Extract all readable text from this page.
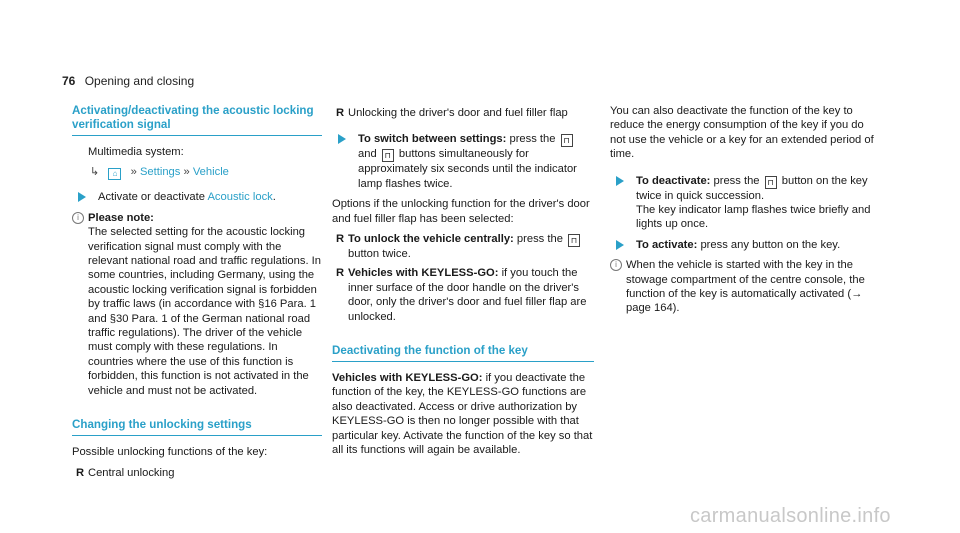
76 Opening and closing
Activating/deactivating the acoustic locking verification signal

Multimedia system:

↳ ⌂ » Settings » Vehicle
Activate or deactivate Acoustic lock.
i Please note:
The selected setting for the acoustic locking verification signal must comply with the relevant national road and traffic regulations. In some countries, including Germany, using the acoustic locking verification signal is forbidden by traffic laws (in accordance with §16 Para. 1 and §30 Para. 1 of the German national road traffic regulations). The driver of the vehicle must comply with these regulations. In countries where the use of this function is forbidden, this function is not activated in the vehicle and must not be activated.
Changing the unlocking settings

Possible unlocking functions of the key:

R Central unlocking
R Unlocking the driver's door and fuel filler flap
To switch between settings: press the ⊓ and ⊓ buttons simultaneously for approximately six seconds until the indicator lamp flashes twice.

Options if the unlocking function for the driver's door and fuel filler flap has been selected:

R To unlock the vehicle centrally: press the ⊓ button twice.
R Vehicles with KEYLESS-GO: if you touch the inner surface of the door handle on the driver's door, only the driver's door and fuel filler flap are unlocked.
Deactivating the function of the key

Vehicles with KEYLESS-GO: if you deactivate the function of the key, the KEYLESS-GO functions are also deactivated. Access or drive authorization by KEYLESS-GO is then no longer possible with that particular key. Activate the function of the key so that all its functions will again be available.

You can also deactivate the function of the key to reduce the energy consumption of the key if you do not use the vehicle or a key for an extended period of time.

To deactivate: press the ⊓ button on the key twice in quick succession.
The key indicator lamp flashes twice briefly and lights up once.
To activate: press any button on the key.
i When the vehicle is started with the key in the stowage compartment of the centre console, the function of the key is automatically activated (→ page 164).
carmanualsonline.info
